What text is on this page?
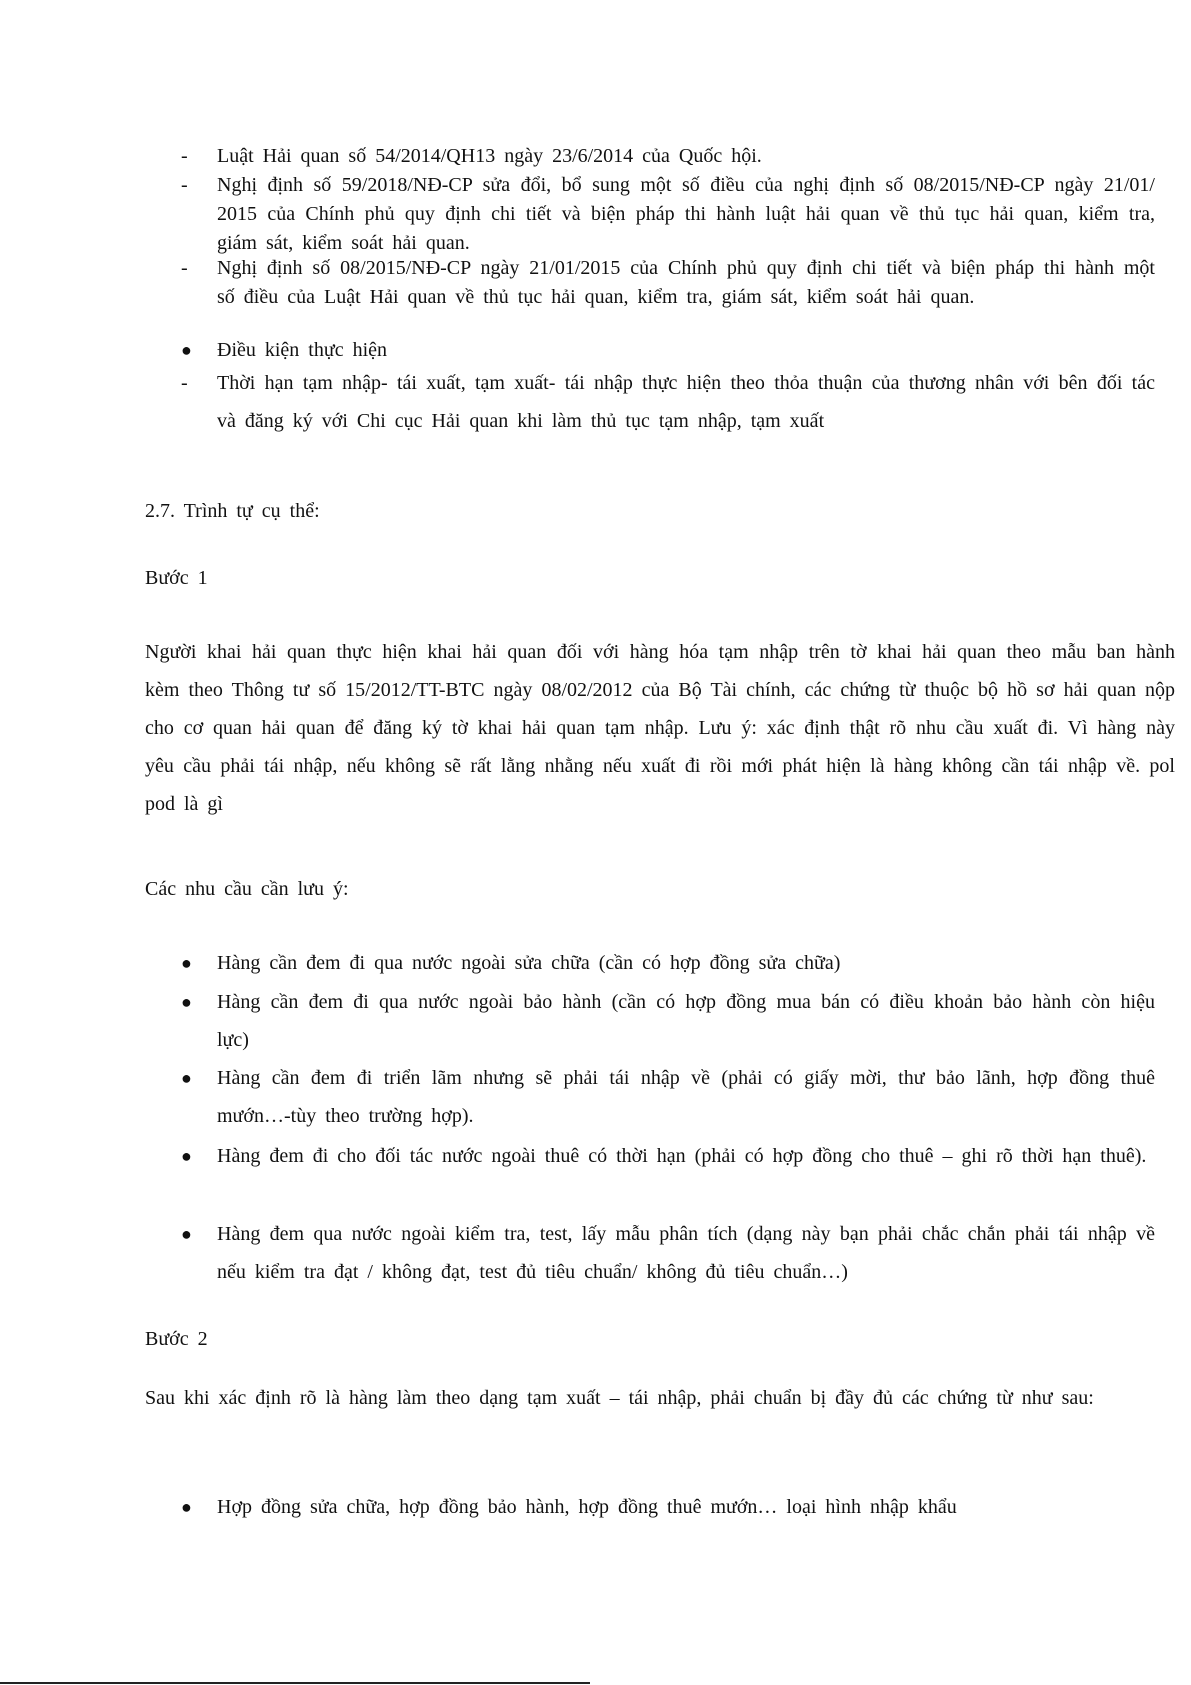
-	Luật Hải quan số 54/2014/QH13 ngày 23/6/2014 của Quốc hội.
-	Nghị định số 59/2018/NĐ-CP sửa đổi, bổ sung một số điều của nghị định số 08/2015/NĐ-CP ngày 21/01/ 2015 của Chính phủ quy định chi tiết và biện pháp thi hành luật hải quan về thủ tục hải quan, kiểm tra, giám sát, kiểm soát hải quan.
-	Nghị định số 08/2015/NĐ-CP ngày 21/01/2015 của Chính phủ quy định chi tiết và biện pháp thi hành một số điều của Luật Hải quan về thủ tục hải quan, kiểm tra, giám sát, kiểm soát hải quan.
●	Điều kiện thực hiện
-	Thời hạn tạm nhập- tái xuất, tạm xuất- tái nhập thực hiện theo thỏa thuận của thương nhân với bên đối tác và đăng ký với Chi cục Hải quan khi làm thủ tục tạm nhập, tạm xuất
2.7. Trình tự cụ thể:
Bước 1
Người khai hải quan thực hiện khai hải quan đối với hàng hóa tạm nhập trên tờ khai hải quan theo mẫu ban hành kèm theo Thông tư số 15/2012/TT-BTC ngày 08/02/2012 của Bộ Tài chính, các chứng từ thuộc bộ hồ sơ hải quan nộp cho cơ quan hải quan để đăng ký tờ khai hải quan tạm nhập. Lưu ý: xác định thật rõ nhu cầu xuất đi. Vì hàng này yêu cầu phải tái nhập, nếu không sẽ rất lằng nhằng nếu xuất đi rồi mới phát hiện là hàng không cần tái nhập về. pol pod là gì
Các nhu cầu cần lưu ý:
●	Hàng cần đem đi qua nước ngoài sửa chữa (cần có hợp đồng sửa chữa)
●	Hàng cần đem đi qua nước ngoài bảo hành (cần có hợp đồng mua bán có điều khoản bảo hành còn hiệu lực)
●	Hàng cần đem đi triển lãm nhưng sẽ phải tái nhập về (phải có giấy mời, thư bảo lãnh, hợp đồng thuê mướn…-tùy theo trường hợp).
●	Hàng đem đi cho đối tác nước ngoài thuê có thời hạn (phải có hợp đồng cho thuê – ghi rõ thời hạn thuê).
●	Hàng đem qua nước ngoài kiểm tra, test, lấy mẫu phân tích (dạng này bạn phải chắc chắn phải tái nhập về nếu kiểm tra đạt / không đạt, test đủ tiêu chuẩn/ không đủ tiêu chuẩn…)
Bước 2
Sau khi xác định rõ là hàng làm theo dạng tạm xuất – tái nhập, phải chuẩn bị đầy đủ các chứng từ như sau:
●	Hợp đồng sửa chữa, hợp đồng bảo hành, hợp đồng thuê mướn… loại hình nhập khẩu
